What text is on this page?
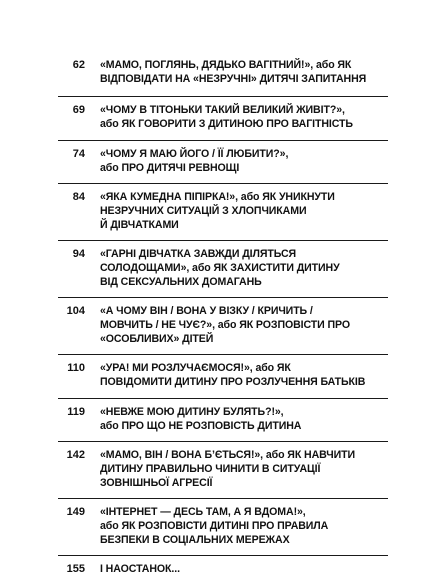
62	«МАМО, ПОГЛЯНЬ, ДЯДЬКО ВАГІТНИЙ!», або ЯК
ВІДПОВІДАТИ НА «НЕЗРУЧНІ» ДИТЯЧІ ЗАПИТАННЯ
69	«ЧОМУ В ТІТОНЬКИ ТАКИЙ ВЕЛИКИЙ ЖИВІТ?»,
або ЯК ГОВОРИТИ З ДИТИНОЮ ПРО ВАГІТНІСТЬ
74	«ЧОМУ Я МАЮ ЙОГО / ЇЇ ЛЮБИТИ?»,
або ПРО ДИТЯЧІ РЕВНОЩІ
84	«ЯКА КУМЕДНА ПІПІРКА!», або ЯК УНИКНУТИ
НЕЗРУЧНИХ СИТУАЦІЙ З ХЛОПЧИКАМИ
Й ДІВЧАТКАМИ
94	«ГАРНІ ДІВЧАТКА ЗАВЖДИ ДІЛЯТЬСЯ
СОЛОДОЩАМИ», або ЯК ЗАХИСТИТИ ДИТИНУ
ВІД СЕКСУАЛЬНИХ ДОМАГАНЬ
104	«А ЧОМУ ВІН / ВОНА У ВІЗКУ / КРИЧИТЬ /
МОВЧИТЬ / НЕ ЧУЄ?», або ЯК РОЗПОВІСТИ ПРО
«ОСОБЛИВИХ» ДІТЕЙ
110	«УРА! МИ РОЗЛУЧАЄМОСЯ!», або ЯК
ПОВІДОМИТИ ДИТИНУ ПРО РОЗЛУЧЕННЯ БАТЬКІВ
119	«НЕВЖЕ МОЮ ДИТИНУ БУЛЯТЬ?!»,
або ПРО ЩО НЕ РОЗПОВІСТЬ ДИТИНА
142	«МАМО, ВІН / ВОНА Б’ЄТЬСЯ!», або ЯК НАВЧИТИ
ДИТИНУ ПРАВИЛЬНО ЧИНИТИ В СИТУАЦІЇ
ЗОВНІШНЬОЇ АГРЕСІЇ
149	«ІНТЕРНЕТ — ДЕСЬ ТАМ, А Я ВДОМА!»,
або ЯК РОЗПОВІСТИ ДИТИНІ ПРО ПРАВИЛА
БЕЗПЕКИ В СОЦІАЛЬНИХ МЕРЕЖАХ
155	І НАОСТАНОК...
